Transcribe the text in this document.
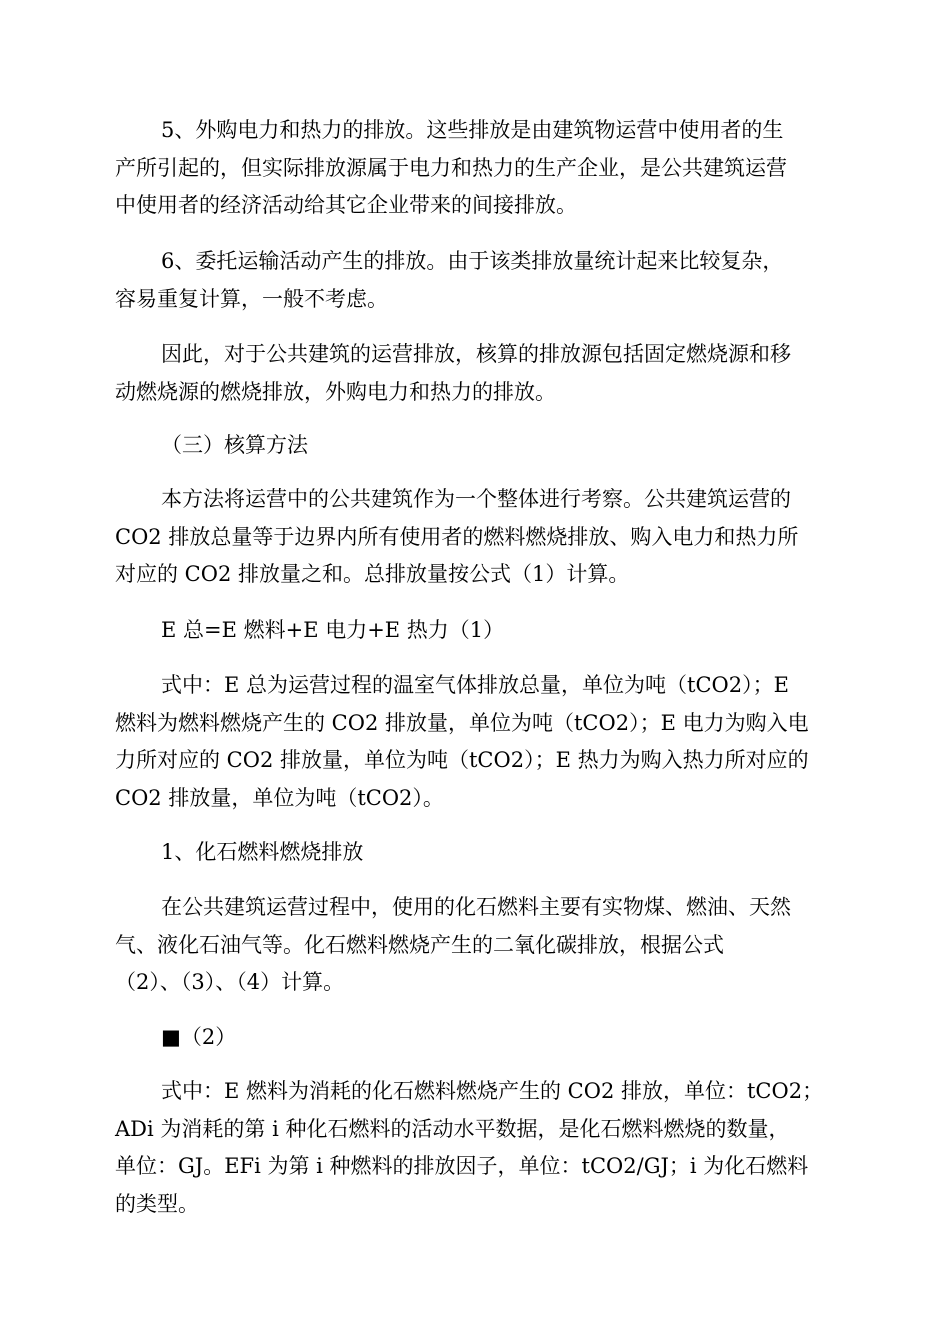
5、外购电力和热力的排放。这些排放是由建筑物运营中使用者的生
产所引起的，但实际排放源属于电力和热力的生产企业，是公共建筑运营
中使用者的经济活动给其它企业带来的间接排放。

6、委托运输活动产生的排放。由于该类排放量统计起来比较复杂，
容易重复计算，一般不考虑。

因此，对于公共建筑的运营排放，核算的排放源包括固定燃烧源和移
动燃烧源的燃烧排放，外购电力和热力的排放。

（三）核算方法

本方法将运营中的公共建筑作为一个整体进行考察。公共建筑运营的
CO2 排放总量等于边界内所有使用者的燃料燃烧排放、购入电力和热力所
对应的 CO2 排放量之和。总排放量按公式（1）计算。

E 总=E 燃料+E 电力+E 热力（1）

式中：E 总为运营过程的温室气体排放总量，单位为吨（tCO2）；E
燃料为燃料燃烧产生的 CO2 排放量，单位为吨（tCO2）；E 电力为购入电
力所对应的 CO2 排放量，单位为吨（tCO2）；E 热力为购入热力所对应的
CO2 排放量，单位为吨（tCO2）。

1、化石燃料燃烧排放

在公共建筑运营过程中，使用的化石燃料主要有实物煤、燃油、天然
气、液化石油气等。化石燃料燃烧产生的二氧化碳排放，根据公式
（2）、（3）、（4）计算。

■（2）

式中：E 燃料为消耗的化石燃料燃烧产生的 CO2 排放，单位：tCO2；
ADi 为消耗的第 i 种化石燃料的活动水平数据，是化石燃料燃烧的数量，
单位：GJ。EFi 为第 i 种燃料的排放因子，单位：tCO2/GJ；i 为化石燃料
的类型。
